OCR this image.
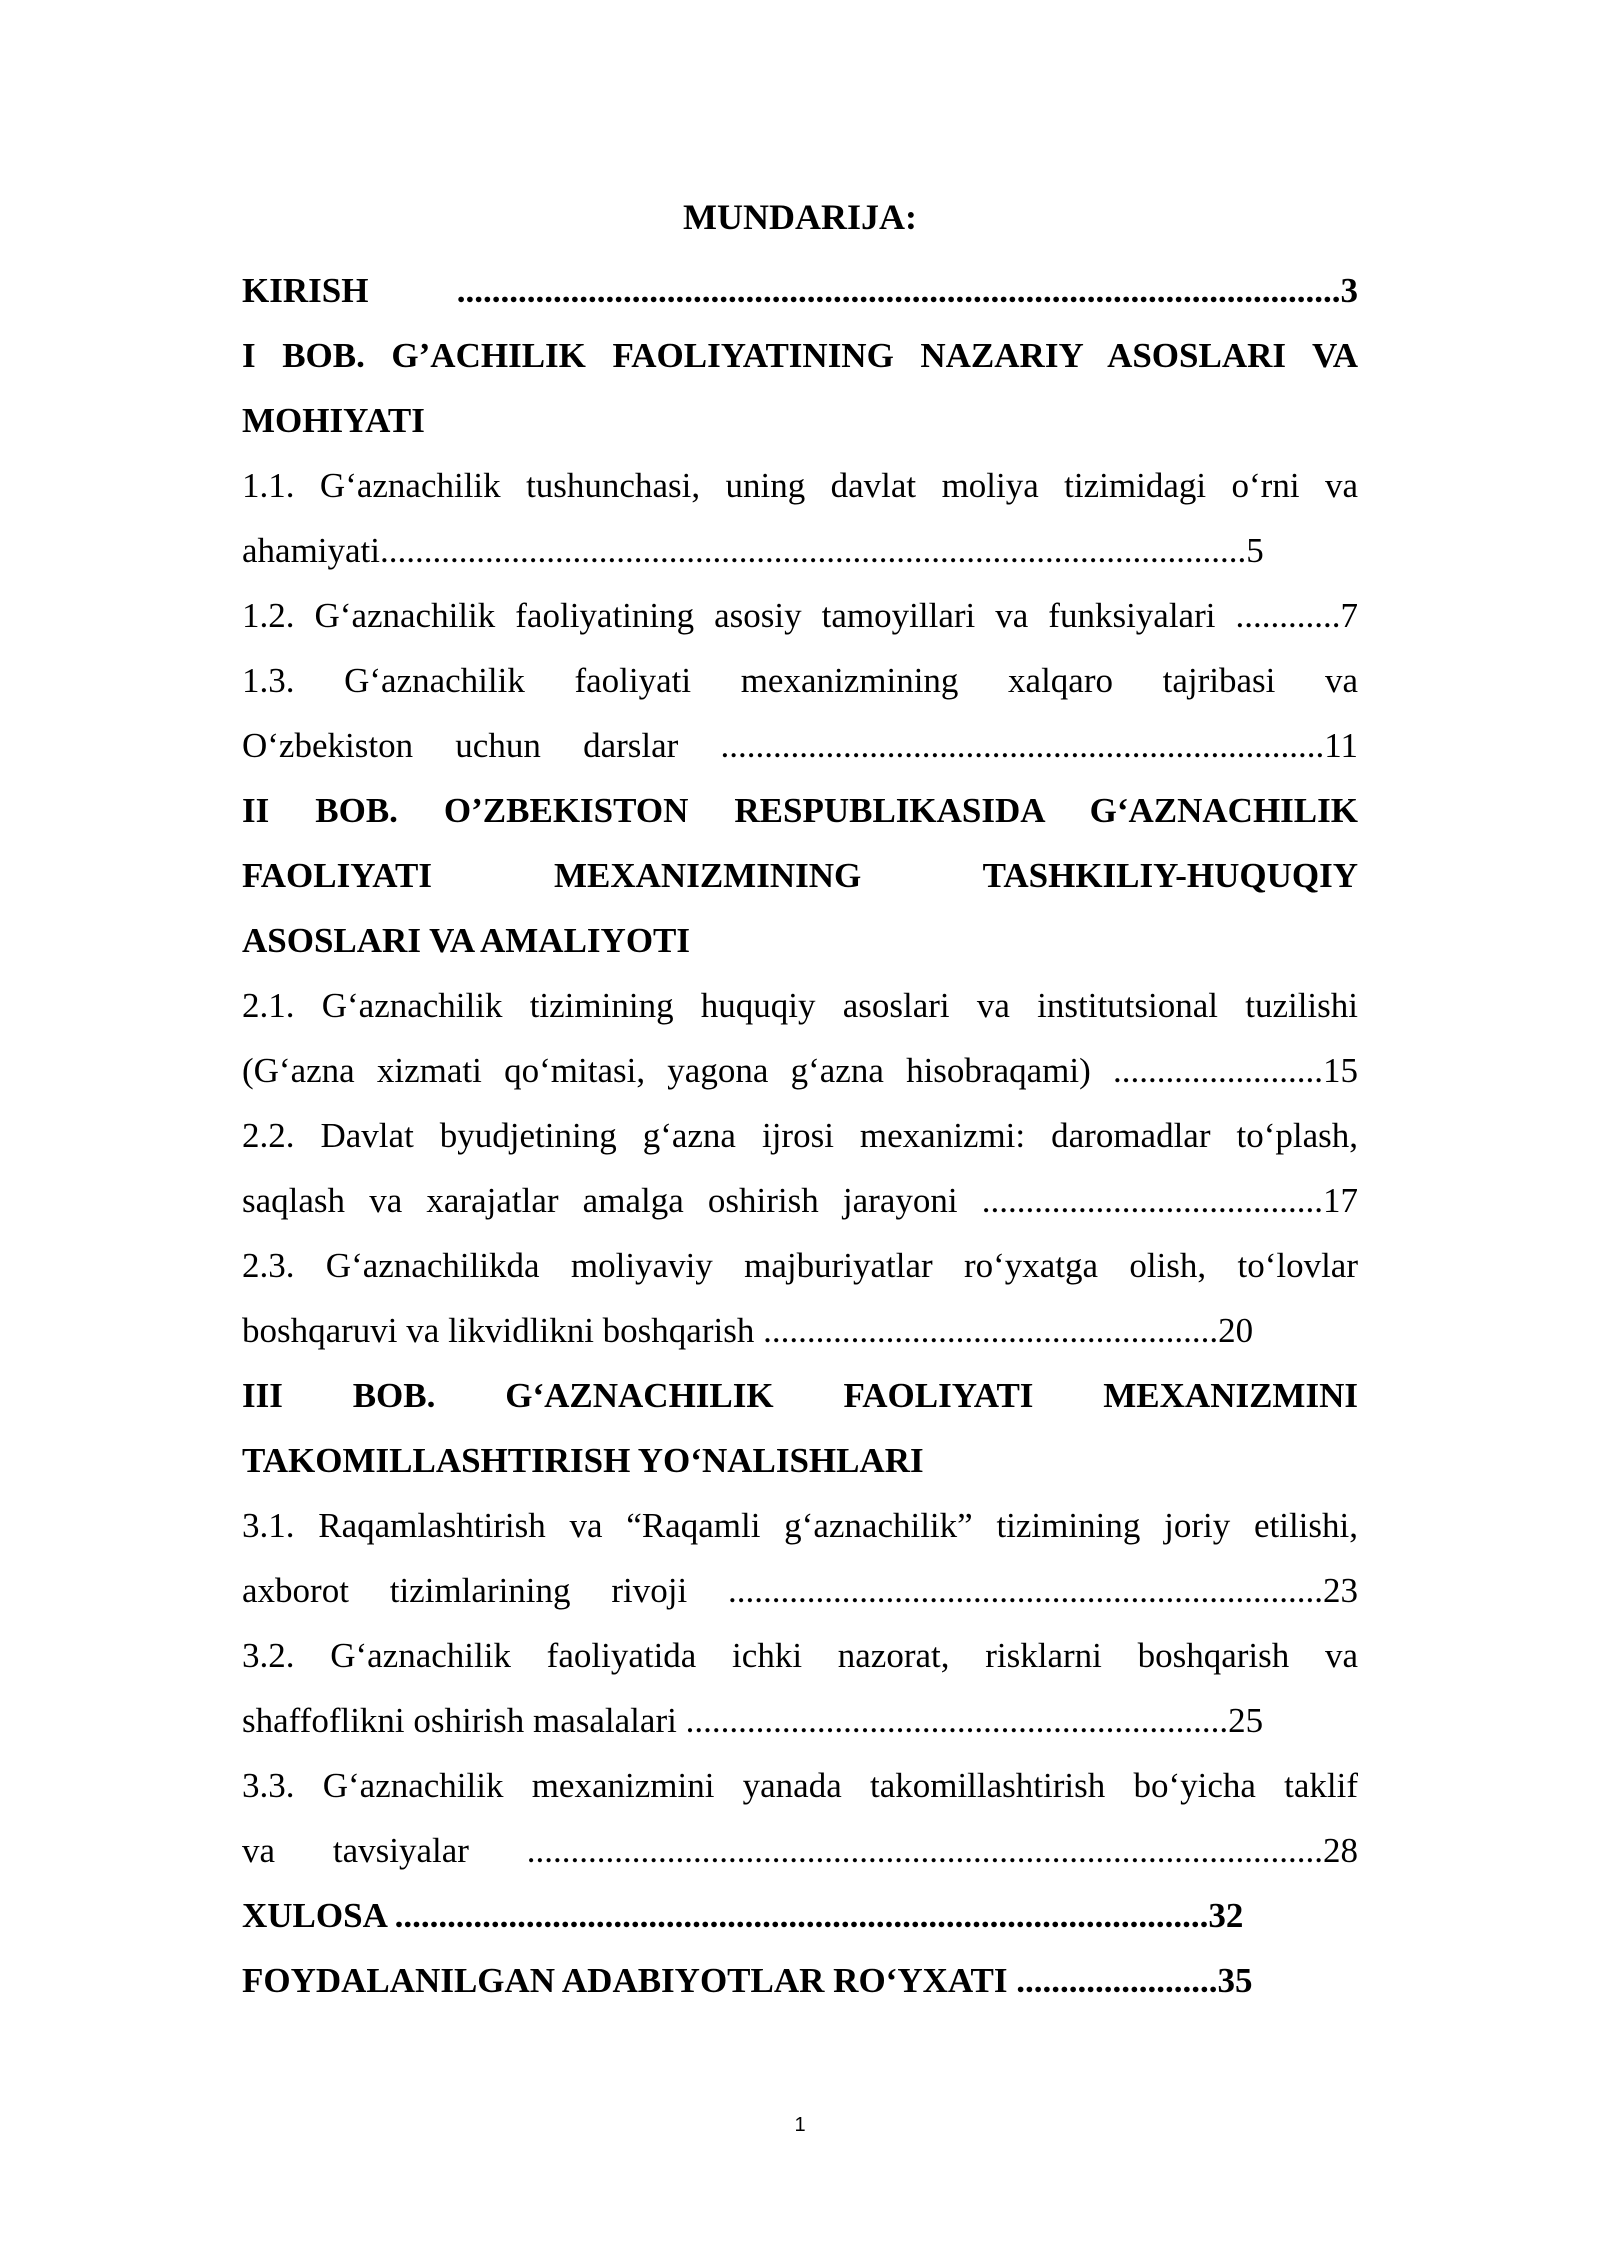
MUNDARIJA:
KIRISH .....................................................................................................3
I BOB. G’ACHILIK FAOLIYATINING NAZARIY ASOSLARI VA
MOHIYATI
1.1. G‘aznachilik tushunchasi, uning davlat moliya tizimidagi o‘rni va
ahamiyati...................................................................................................5
1.2. G‘aznachilik faoliyatining asosiy tamoyillari va funksiyalari ............7
1.3. G‘aznachilik faoliyati mexanizmining xalqaro tajribasi va
O‘zbekiston uchun darslar .....................................................................11
II BOB. O’ZBEKISTON RESPUBLIKASIDA G‘AZNACHILIK
FAOLIYATI MEXANIZMINING TASHKILIY-HUQUQIY
ASOSLARI VA AMALIYOTI
2.1. G‘aznachilik tizimining huquqiy asoslari va institutsional tuzilishi
(G‘azna xizmati qo‘mitasi, yagona g‘azna hisobraqami) ........................15
2.2. Davlat byudjetining g‘azna ijrosi mexanizmi: daromadlar to‘plash,
saqlash va xarajatlar amalga oshirish jarayoni .......................................17
2.3. G‘aznachilikda moliyaviy majburiyatlar ro‘yxatga olish, to‘lovlar
boshqaruvi va likvidlikni boshqarish ....................................................20
III BOB. G‘AZNACHILIK FAOLIYATI MEXANIZMINI
TAKOMILLASHTIRISH YO‘NALISHLARI
3.1. Raqamlashtirish va “Raqamli g‘aznachilik” tizimining joriy etilishi,
axborot tizimlarining rivoji ....................................................................23
3.2. G‘aznachilik faoliyatida ichki nazorat, risklarni boshqarish va
shaffoflikni oshirish masalalari ..............................................................25
3.3. G‘aznachilik mexanizmini yanada takomillashtirish bo‘yicha taklif
va tavsiyalar ...........................................................................................28
XULOSA .............................................................................................32
FOYDALANILGAN ADABIYOTLAR RO‘YXATI .......................35
1
